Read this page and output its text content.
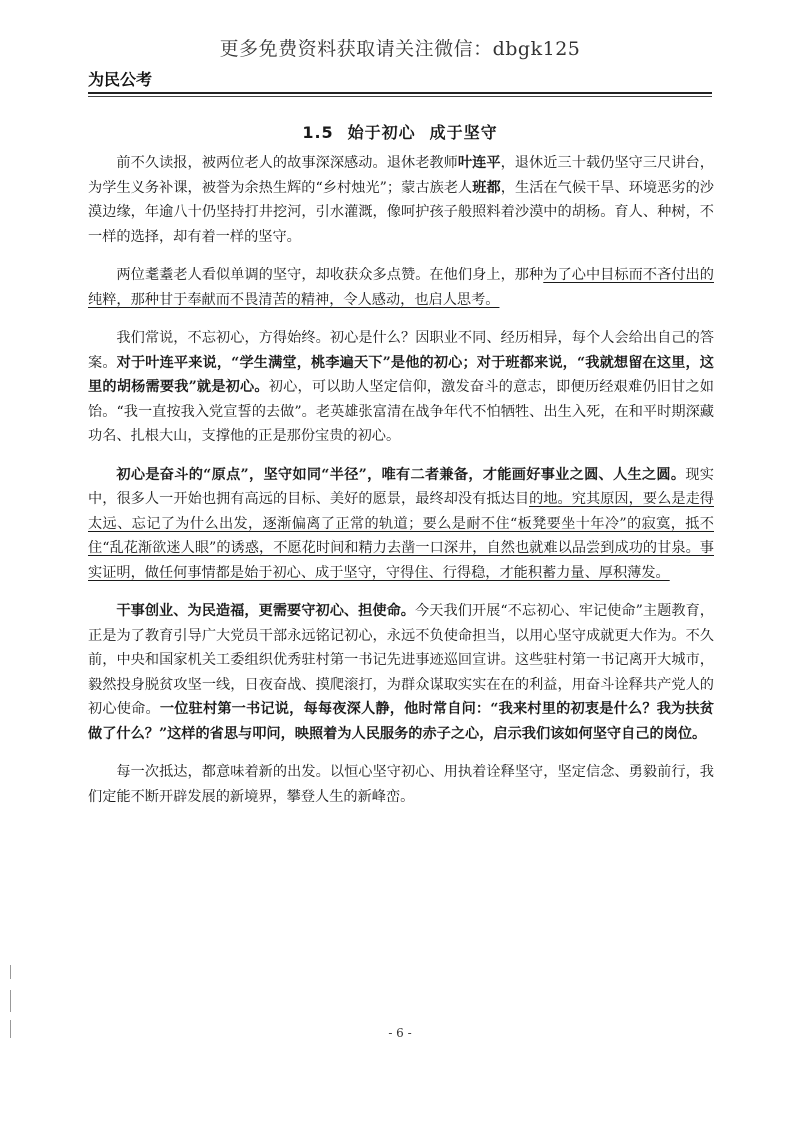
更多免费资料获取请关注微信：dbgk125
为民公考
1.5 始于初心 成于坚守

前不久读报，被两位老人的故事深深感动。退休老教师叶连平，退休近三十载仍坚守三尺讲台，为学生义务补课，被誉为余热生辉的“乡村烛光”；蒙古族老人班都，生活在气候干旱、环境恶劣的沙漠边缘，年逾八十仍坚持打井挖河，引水灌溉，像呵护孩子般照料着沙漠中的胡杨。育人、种树，不一样的选择，却有着一样的坚守。

两位耄耋老人看似单调的坚守，却收获众多点赞。在他们身上，那种为了心中目标而不吝付出的纯粹，那种甘于奉献而不畏清苦的精神，令人感动，也启人思考。

我们常说，不忘初心，方得始终。初心是什么？因职业不同、经历相异，每个人会给出自己的答案。对于叶连平来说，“学生满堂，桃李遍天下”是他的初心；对于班都来说，“我就想留在这里，这里的胡杨需要我”就是初心。初心，可以助人坚定信仰，激发奋斗的意志，即便历经艰难仍旧甘之如饴。“我一直按我入党宣誓的去做”。老英雄张富清在战争年代不怕牺牲、出生入死，在和平时期深藏功名、扎根大山，支撑他的正是那份宝贵的初心。

初心是奋斗的“原点”，坚守如同“半径”，唯有二者兼备，才能画好事业之圆、人生之圆。现实中，很多人一开始也拥有高远的目标、美好的愿景，最终却没有抵达目的地。究其原因，要么是走得太远、忘记了为什么出发，逐渐偏离了正常的轨道；要么是耐不住“板凳要坐十年冷”的寂寞，抵不住“乱花渐欲迷人眼”的诱惑，不愿花时间和精力去凿一口深井，自然也就难以品尝到成功的甘泉。事实证明，做任何事情都是始于初心、成于坚守，守得住、行得稳，才能积蓄力量、厚积薄发。

干事创业、为民造福，更需要守初心、担使命。今天我们开展“不忘初心、牢记使命”主题教育，正是为了教育引导广大党员干部永远铭记初心，永远不负使命担当，以用心坚守成就更大作为。不久前，中央和国家机关工委组织优秀驻村第一书记先进事迹巡回宣讲。这些驻村第一书记离开大城市，毅然投身脱贫攻坚一线，日夜奋战、摸爬滚打，为群众谋取实实在在的利益，用奋斗诠释共产党人的初心使命。一位驻村第一书记说，每每夜深人静，他时常自问：“我来村里的初衷是什么？我为扶贫做了什么？”这样的省思与叩问，映照着为人民服务的赤子之心，启示我们该如何坚守自己的岗位。

每一次抵达，都意味着新的出发。以恒心坚守初心、用执着诠释坚守，坚定信念、勇毅前行，我们定能不断开辟发展的新境界，攀登人生的新峰峦。

- 6 -
